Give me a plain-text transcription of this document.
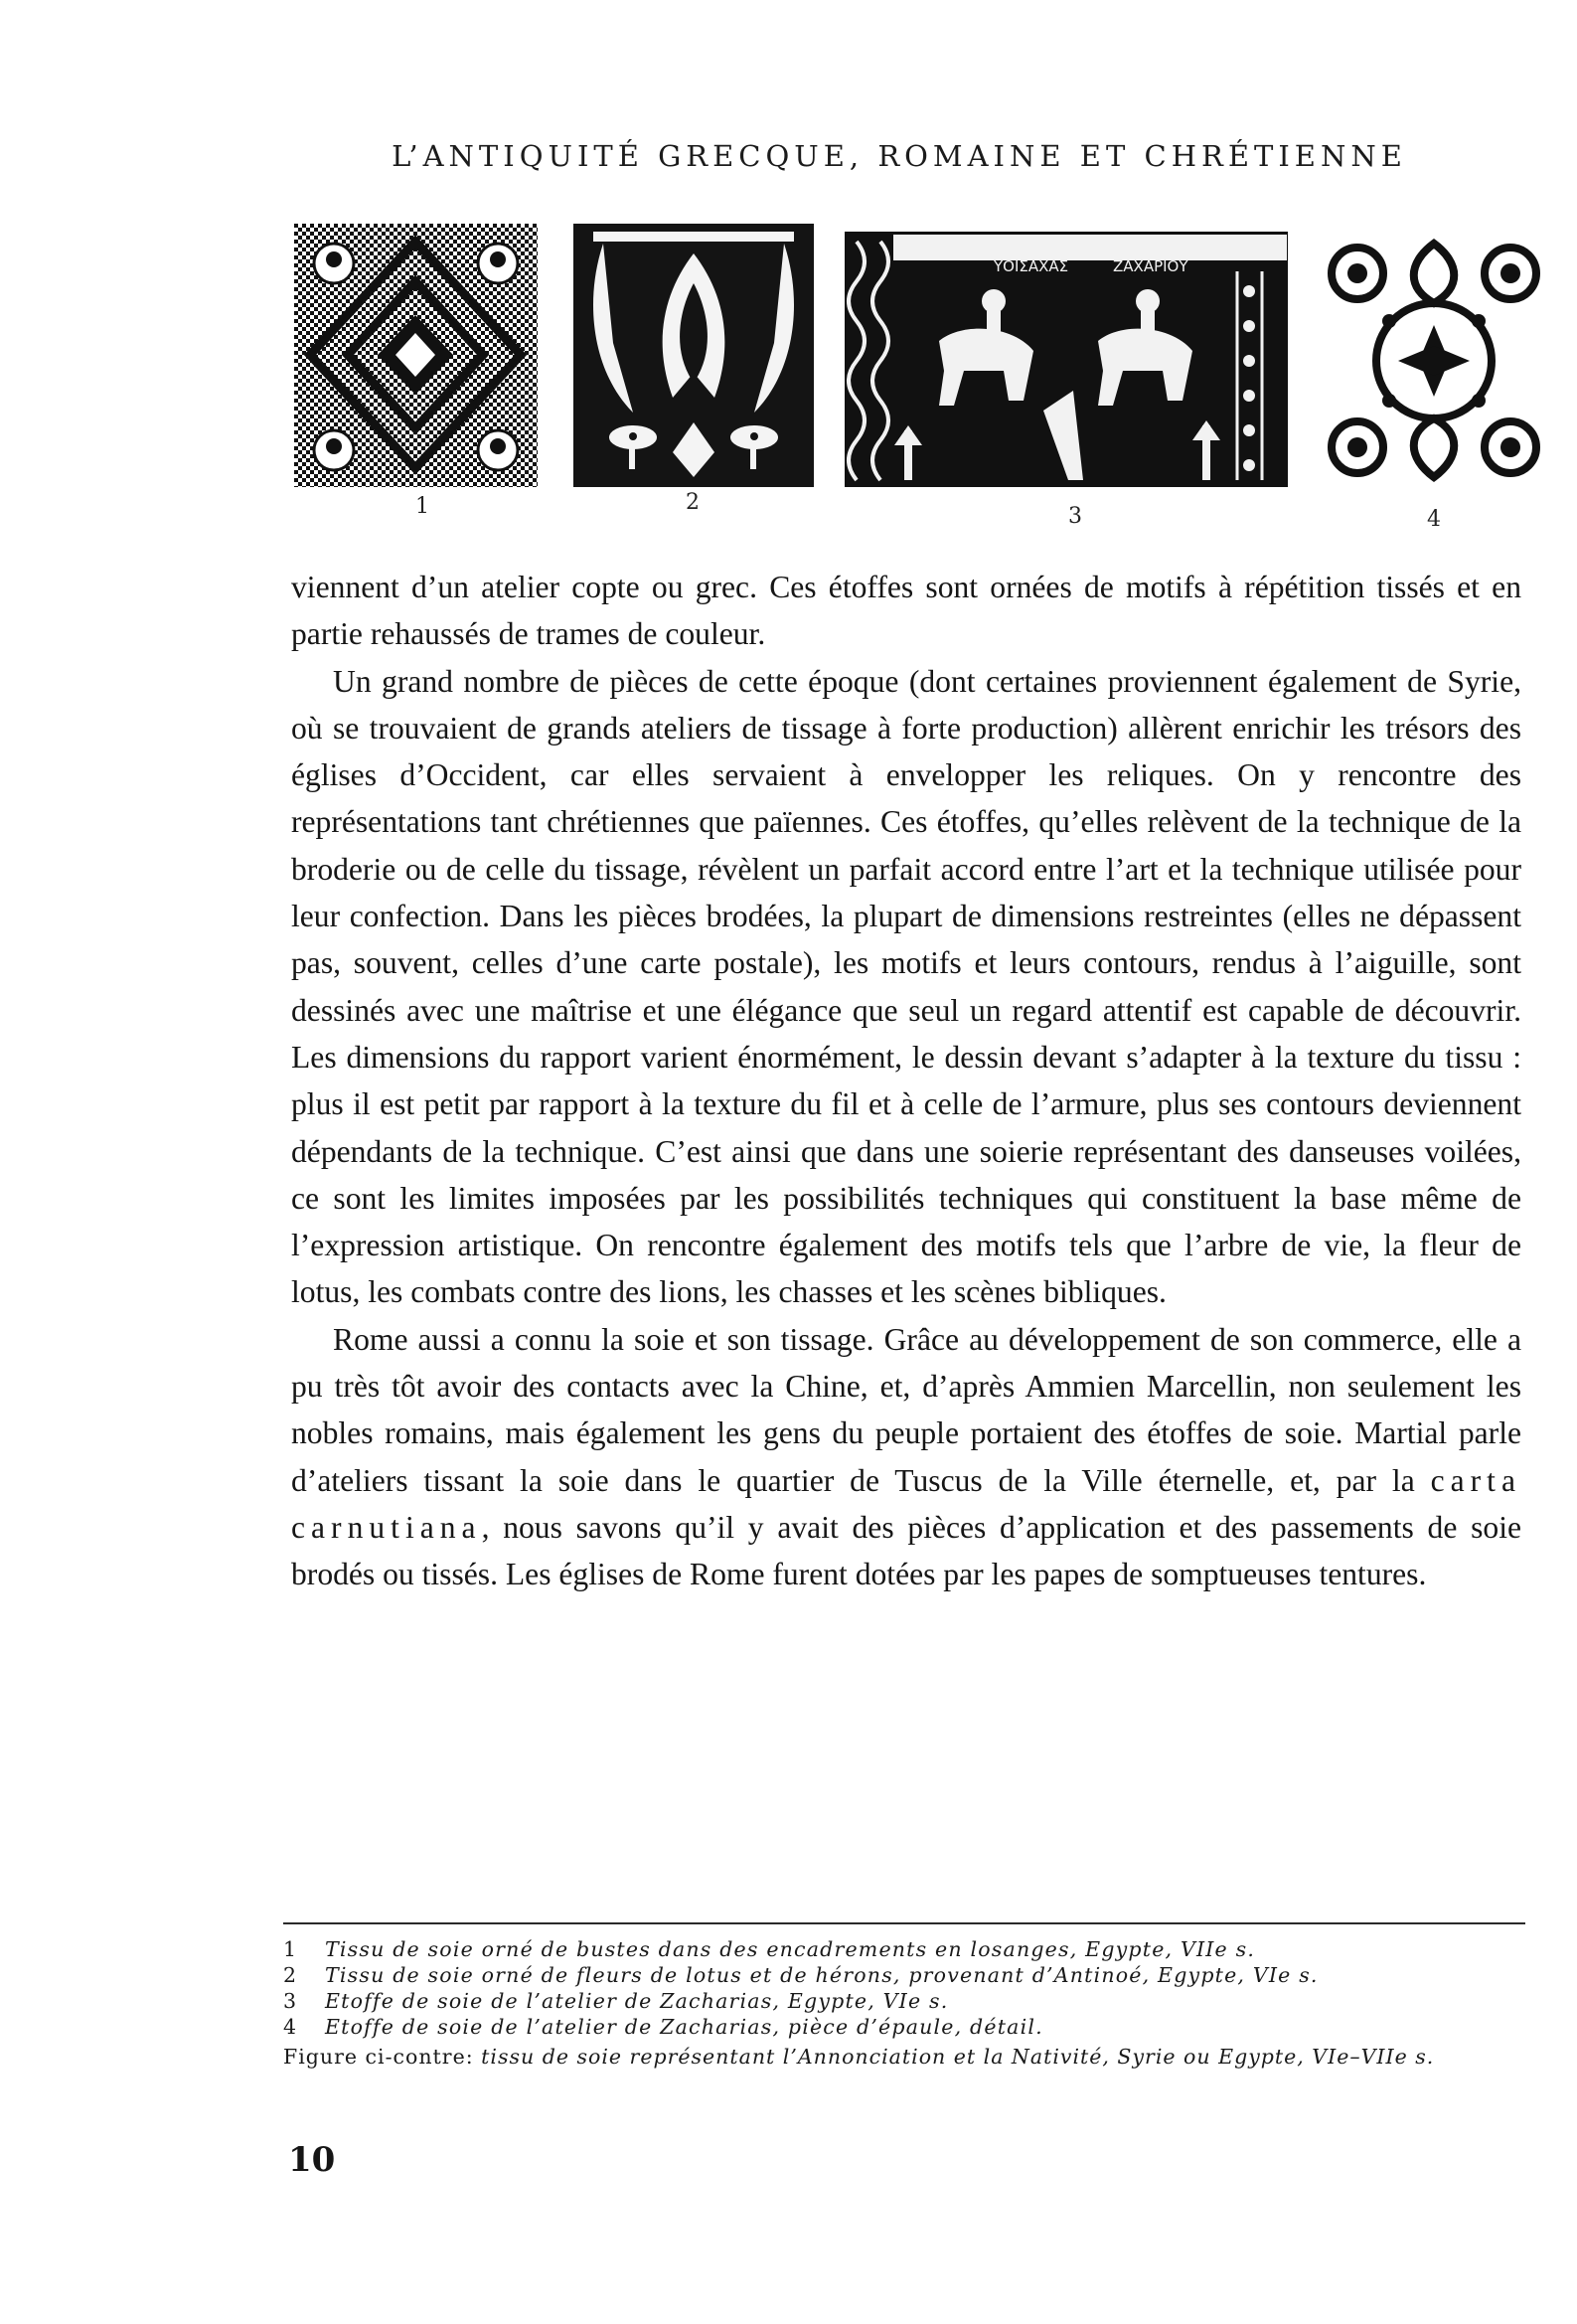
L’ANTIQUITÉ GRECQUE, ROMAINE ET CHRÉTIENNE
1	2
ΥΟΙΣΑΧΑΣ	ΖΑΧΑΡΙΟΥ
3	4

viennent d’un atelier copte ou grec. Ces étoffes sont ornées de motifs à répétition tissés et en partie rehaussés de trames de couleur.

Un grand nombre de pièces de cette époque (dont certaines proviennent également de Syrie, où se trouvaient de grands ateliers de tissage à forte production) allèrent enrichir les trésors des églises d’Occident, car elles servaient à envelopper les reliques. On y rencontre des représentations tant chrétiennes que païennes. Ces étoffes, qu’elles relèvent de la technique de la broderie ou de celle du tissage, révèlent un parfait accord entre l’art et la technique utilisée pour leur confection. Dans les pièces brodées, la plupart de dimensions restreintes (elles ne dépassent pas, souvent, celles d’une carte postale), les motifs et leurs contours, rendus à l’aiguille, sont dessinés avec une maîtrise et une élégance que seul un regard attentif est capable de découvrir. Les dimensions du rapport varient énormément, le dessin devant s’adapter à la texture du tissu : plus il est petit par rapport à la texture du fil et à celle de l’armure, plus ses contours deviennent dépendants de la technique. C’est ainsi que dans une soierie représentant des danseuses voilées, ce sont les limites imposées par les possibilités techniques qui constituent la base même de l’expression artistique. On rencontre également des motifs tels que l’arbre de vie, la fleur de lotus, les combats contre des lions, les chasses et les scènes bibliques.

Rome aussi a connu la soie et son tissage. Grâce au développement de son commerce, elle a pu très tôt avoir des contacts avec la Chine, et, d’après Ammien Marcellin, non seulement les nobles romains, mais également les gens du peuple portaient des étoffes de soie. Martial parle d’ateliers tissant la soie dans le quartier de Tuscus de la Ville éternelle, et, par la carta carnutiana, nous savons qu’il y avait des pièces d’application et des passements de soie brodés ou tissés. Les églises de Rome furent dotées par les papes de somptueuses tentures.

1	Tissu de soie orné de bustes dans des encadrements en losanges, Egypte, VIIe s.
2	Tissu de soie orné de fleurs de lotus et de hérons, provenant d’Antinoé, Egypte, VIe s.
3	Etoffe de soie de l’atelier de Zacharias, Egypte, VIe s.
4	Etoffe de soie de l’atelier de Zacharias, pièce d’épaule, détail.
Figure ci-contre: tissu de soie représentant l’Annonciation et la Nativité, Syrie ou Egypte, VIe–VIIe s.
10
